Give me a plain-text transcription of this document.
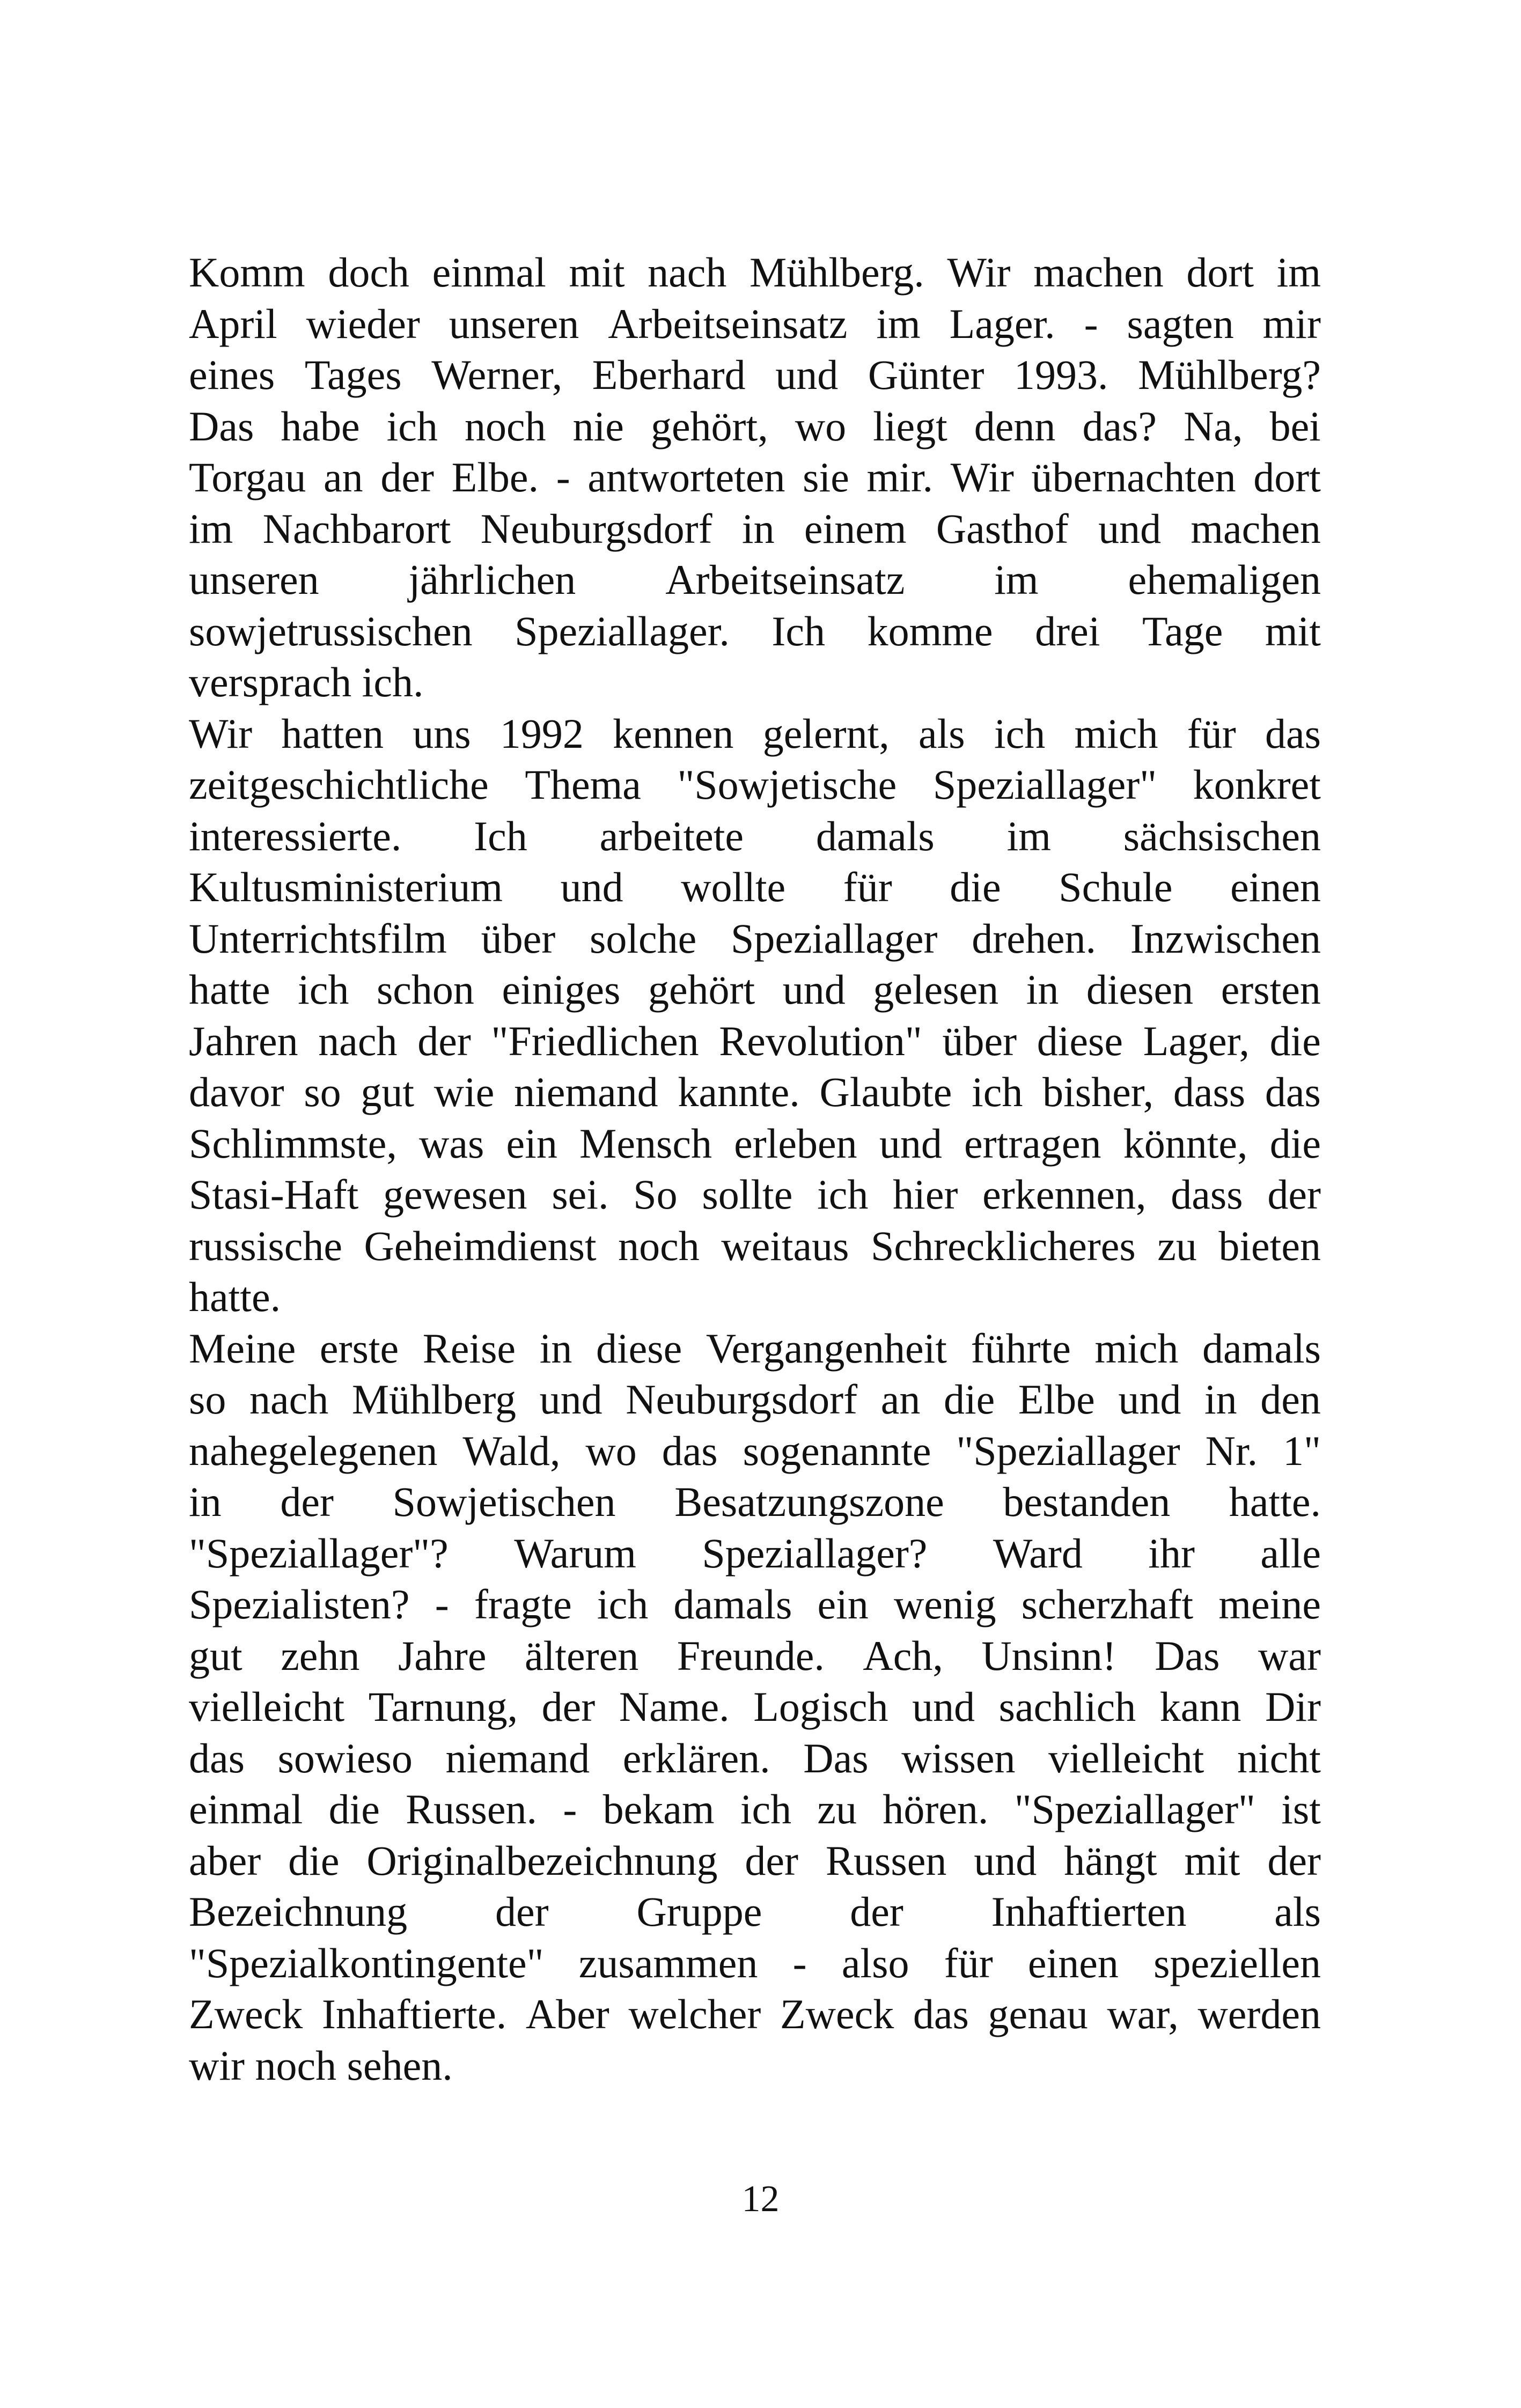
Komm doch einmal mit nach Mühlberg. Wir machen dort im
April wieder unseren Arbeitseinsatz im Lager. - sagten mir
eines Tages Werner, Eberhard und Günter 1993. Mühlberg?
Das habe ich noch nie gehört, wo liegt denn das? Na, bei
Torgau an der Elbe. - antworteten sie mir. Wir übernachten dort
im Nachbarort Neuburgsdorf in einem Gasthof und machen
unseren jährlichen Arbeitseinsatz im ehemaligen
sowjetrussischen Speziallager. Ich komme drei Tage mit
versprach ich.
Wir hatten uns 1992 kennen gelernt, als ich mich für das
zeitgeschichtliche Thema "Sowjetische Speziallager" konkret
interessierte. Ich arbeitete damals im sächsischen
Kultusministerium und wollte für die Schule einen
Unterrichtsfilm über solche Speziallager drehen. Inzwischen
hatte ich schon einiges gehört und gelesen in diesen ersten
Jahren nach der "Friedlichen Revolution" über diese Lager, die
davor so gut wie niemand kannte. Glaubte ich bisher, dass das
Schlimmste, was ein Mensch erleben und ertragen könnte, die
Stasi-Haft gewesen sei. So sollte ich hier erkennen, dass der
russische Geheimdienst noch weitaus Schrecklicheres zu bieten
hatte.
Meine erste Reise in diese Vergangenheit führte mich damals
so nach Mühlberg und Neuburgsdorf an die Elbe und in den
nahegelegenen Wald, wo das sogenannte "Speziallager Nr. 1"
in der Sowjetischen Besatzungszone bestanden hatte.
"Speziallager"? Warum Speziallager? Ward ihr alle
Spezialisten? - fragte ich damals ein wenig scherzhaft meine
gut zehn Jahre älteren Freunde. Ach, Unsinn! Das war
vielleicht Tarnung, der Name. Logisch und sachlich kann Dir
das sowieso niemand erklären. Das wissen vielleicht nicht
einmal die Russen. - bekam ich zu hören. "Speziallager" ist
aber die Originalbezeichnung der Russen und hängt mit der
Bezeichnung der Gruppe der Inhaftierten als
"Spezialkontingente" zusammen - also für einen speziellen
Zweck Inhaftierte. Aber welcher Zweck das genau war, werden
wir noch sehen.
12
